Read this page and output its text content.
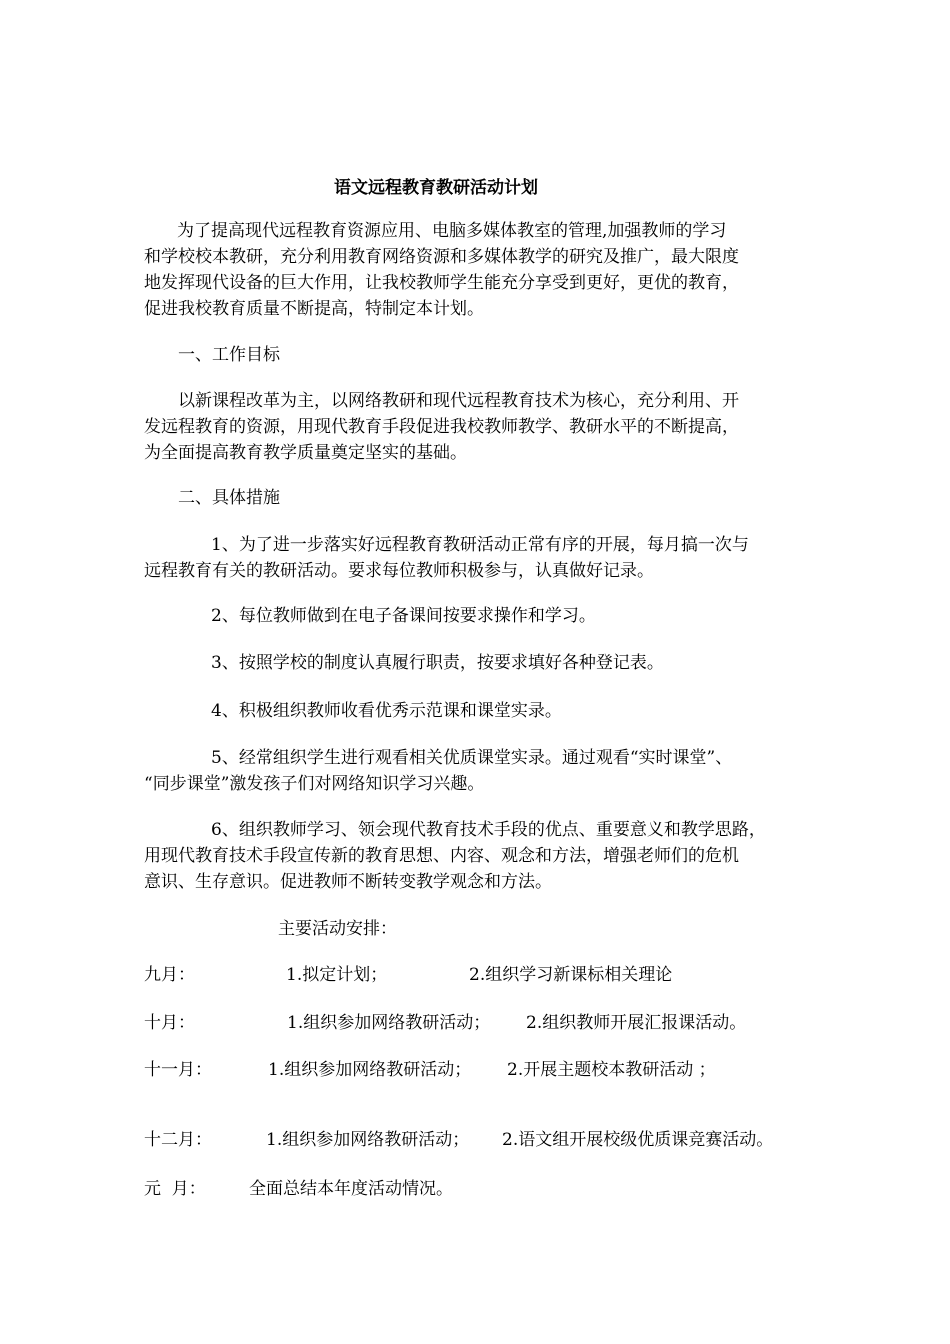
语文远程教育教研活动计划
为了提高现代远程教育资源应用、电脑多媒体教室的管理,加强教师的学习
和学校校本教研，充分利用教育网络资源和多媒体教学的研究及推广，最大限度
地发挥现代设备的巨大作用，让我校教师学生能充分享受到更好，更优的教育，
促进我校教育质量不断提高，特制定本计划。
一、工作目标
以新课程改革为主，以网络教研和现代远程教育技术为核心，充分利用、开
发远程教育的资源，用现代教育手段促进我校教师教学、教研水平的不断提高，
为全面提高教育教学质量奠定坚实的基础。
二、具体措施
1、为了进一步落实好远程教育教研活动正常有序的开展，每月搞一次与
远程教育有关的教研活动。要求每位教师积极参与，认真做好记录。
2、每位教师做到在电子备课间按要求操作和学习。
3、按照学校的制度认真履行职责，按要求填好各种登记表。
4、积极组织教师收看优秀示范课和课堂实录。
5、经常组织学生进行观看相关优质课堂实录。通过观看“实时课堂”、
“同步课堂”激发孩子们对网络知识学习兴趣。
6、组织教师学习、领会现代教育技术手段的优点、重要意义和教学思路，
用现代教育技术手段宣传新的教育思想、内容、观念和方法，增强老师们的危机
意识、生存意识。促进教师不断转变教学观念和方法。
主要活动安排：
九月：	1.拟定计划；	2.组织学习新课标相关理论
十月：	1.组织参加网络教研活动； 2.组织教师开展汇报课活动。
十一月：	1.组织参加网络教研活动； 2.开展主题校本教研活动 ；
十二月：	1.组织参加网络教研活动； 2.语文组开展校级优质课竞赛活动。
元  月：	全面总结本年度活动情况。
